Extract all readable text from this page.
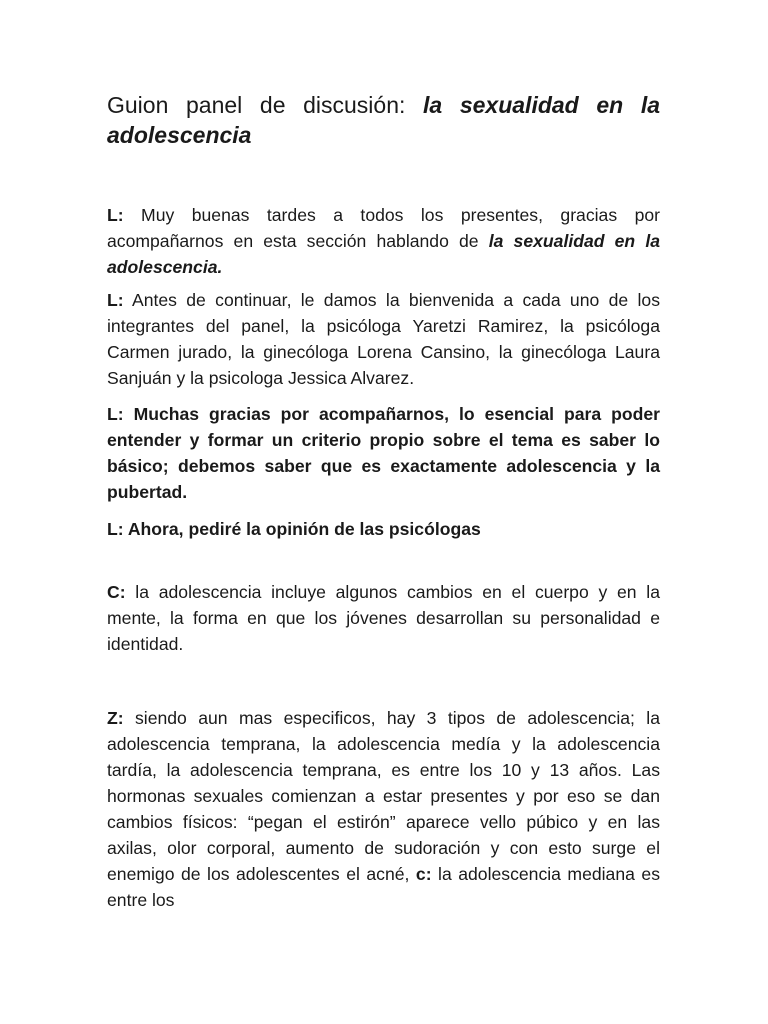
Guion panel de discusión: la sexualidad en la adolescencia

L: Muy buenas tardes a todos los presentes, gracias por acompañarnos en esta sección hablando de la sexualidad en la adolescencia.

L: Antes de continuar, le damos la bienvenida a cada uno de los integrantes del panel, la psicóloga Yaretzi Ramirez, la psicóloga Carmen jurado, la ginecóloga Lorena Cansino, la ginecóloga Laura Sanjuán y la psicologa Jessica Alvarez.

L: Muchas gracias por acompañarnos, lo esencial para poder entender y formar un criterio propio sobre el tema es saber lo básico; debemos saber que es exactamente adolescencia y la pubertad.

L: Ahora, pediré la opinión de las psicólogas

C: la adolescencia incluye algunos cambios en el cuerpo y en la mente, la forma en que los jóvenes desarrollan su personalidad e identidad.

Z: siendo aun mas especificos, hay 3 tipos de adolescencia; la adolescencia temprana, la adolescencia medía y la adolescencia tardía, la adolescencia temprana, es entre los 10 y 13 años. Las hormonas sexuales comienzan a estar presentes y por eso se dan cambios físicos: “pegan el estirón” aparece vello púbico y en las axilas, olor corporal, aumento de sudoración y con esto surge el enemigo de los adolescentes el acné, c: la adolescencia mediana es entre los
